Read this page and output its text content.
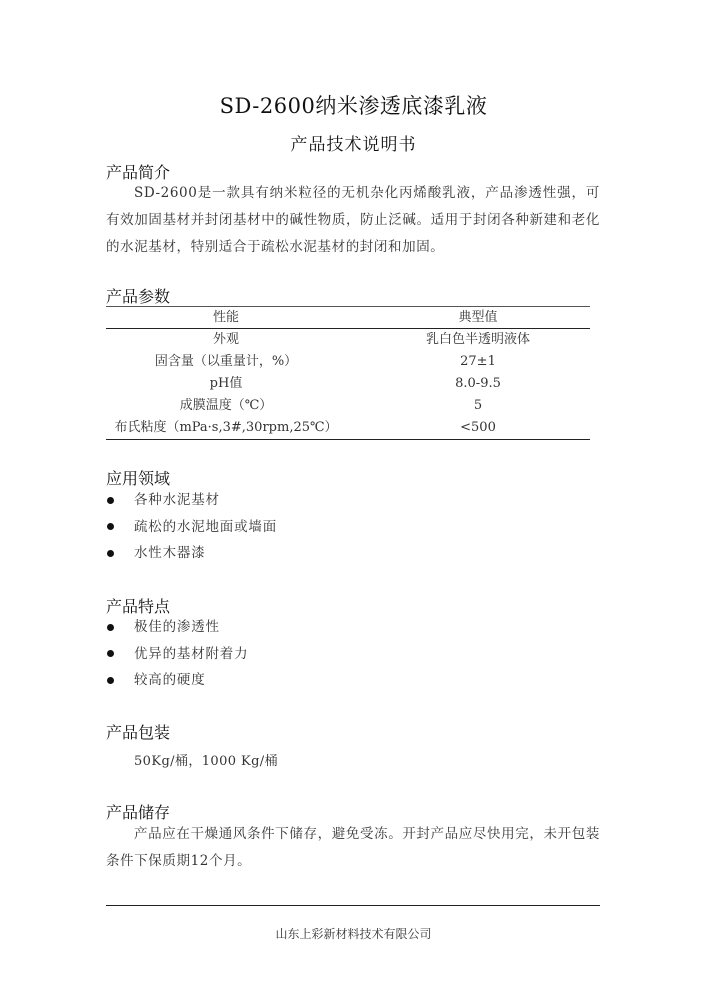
SD-2600纳米渗透底漆乳液
产品技术说明书
产品简介
SD-2600是一款具有纳米粒径的无机杂化丙烯酸乳液，产品渗透性强，可有效加固基材并封闭基材中的碱性物质，防止泛碱。适用于封闭各种新建和老化的水泥基材，特别适合于疏松水泥基材的封闭和加固。
产品参数
性能	典型值
外观	乳白色半透明液体
固含量（以重量计，%）	27±1
pH值	8.0-9.5
成膜温度（℃）	5
布氏粘度（mPa·s,3#,30rpm,25℃）	<500
应用领域
各种水泥基材
疏松的水泥地面或墙面
水性木器漆
产品特点
极佳的渗透性
优异的基材附着力
较高的硬度
产品包装
50Kg/桶，1000 Kg/桶
产品储存
产品应在干燥通风条件下储存，避免受冻。开封产品应尽快用完，未开包装条件下保质期12个月。
山东上彩新材料技术有限公司
